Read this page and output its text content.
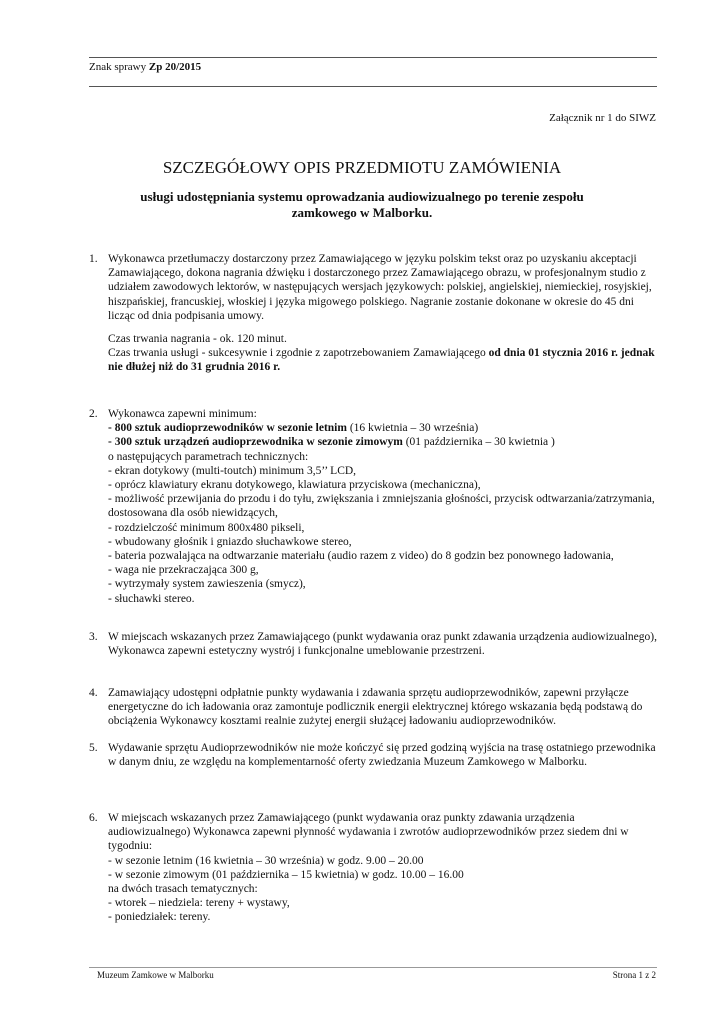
Znak sprawy Zp 20/2015
Załącznik nr 1 do SIWZ
SZCZEGÓŁOWY OPIS PRZEDMIOTU ZAMÓWIENIA
usługi udostępniania systemu oprowadzania audiowizualnego po terenie zespołu zamkowego w Malborku.
1. Wykonawca przetłumaczy dostarczony przez Zamawiającego w języku polskim tekst oraz po uzyskaniu akceptacji Zamawiającego, dokona nagrania dźwięku i dostarczonego przez Zamawiającego obrazu, w profesjonalnym studio z udziałem zawodowych lektorów, w następujących wersjach językowych: polskiej, angielskiej, niemieckiej, rosyjskiej, hiszpańskiej, francuskiej, włoskiej i języka migowego polskiego. Nagranie zostanie dokonane w okresie do 45 dni licząc od dnia podpisania umowy.

Czas trwania nagrania - ok. 120 minut.

Czas trwania usługi - sukcesywnie i zgodnie z zapotrzebowaniem Zamawiającego od dnia 01 stycznia 2016 r. jednak nie dłużej niż do 31 grudnia 2016 r.

2. Wykonawca zapewni minimum:

- 800 sztuk audioprzewodników w sezonie letnim (16 kwietnia – 30 września)

- 300 sztuk urządzeń audioprzewodnika w sezonie zimowym (01 października – 30 kwietnia )

o następujących parametrach technicznych:

- ekran dotykowy (multi-toutch) minimum 3,5’’ LCD,

- oprócz klawiatury ekranu dotykowego, klawiatura przyciskowa (mechaniczna),

- możliwość przewijania do przodu i do tyłu, zwiększania i zmniejszania głośności, przycisk odtwarzania/zatrzymania, dostosowana dla osób niewidzących,

- rozdzielczość minimum 800x480 pikseli,

- wbudowany głośnik i gniazdo słuchawkowe stereo,

- bateria pozwalająca na odtwarzanie materiału (audio razem z video) do 8 godzin bez ponownego ładowania,

- waga nie przekraczająca 300 g,

- wytrzymały system zawieszenia (smycz),

- słuchawki stereo.

3. W miejscach wskazanych przez Zamawiającego (punkt wydawania oraz punkt zdawania urządzenia audiowizualnego), Wykonawca zapewni estetyczny wystrój i funkcjonalne umeblowanie przestrzeni.

4. Zamawiający udostępni odpłatnie punkty wydawania i zdawania sprzętu audioprzewodników, zapewni przyłącze energetyczne do ich ładowania oraz zamontuje podlicznik energii elektrycznej którego wskazania będą podstawą do obciążenia Wykonawcy kosztami realnie zużytej energii służącej ładowaniu audioprzewodników.

5. Wydawanie sprzętu Audioprzewodników nie może kończyć się przed godziną wyjścia na trasę ostatniego przewodnika w danym dniu, ze względu na komplementarność oferty zwiedzania Muzeum Zamkowego w Malborku.

6. W miejscach wskazanych przez Zamawiającego (punkt wydawania oraz punkty zdawania urządzenia audiowizualnego) Wykonawca zapewni płynność wydawania i zwrotów audioprzewodników przez siedem dni w tygodniu:

- w sezonie letnim (16 kwietnia – 30 września) w godz. 9.00 – 20.00

- w sezonie zimowym (01 października – 15 kwietnia) w godz. 10.00 – 16.00

na dwóch trasach tematycznych:

- wtorek – niedziela: tereny + wystawy,

- poniedziałek: tereny.

Muzeum Zamkowe w Malborku	Strona 1 z 2
